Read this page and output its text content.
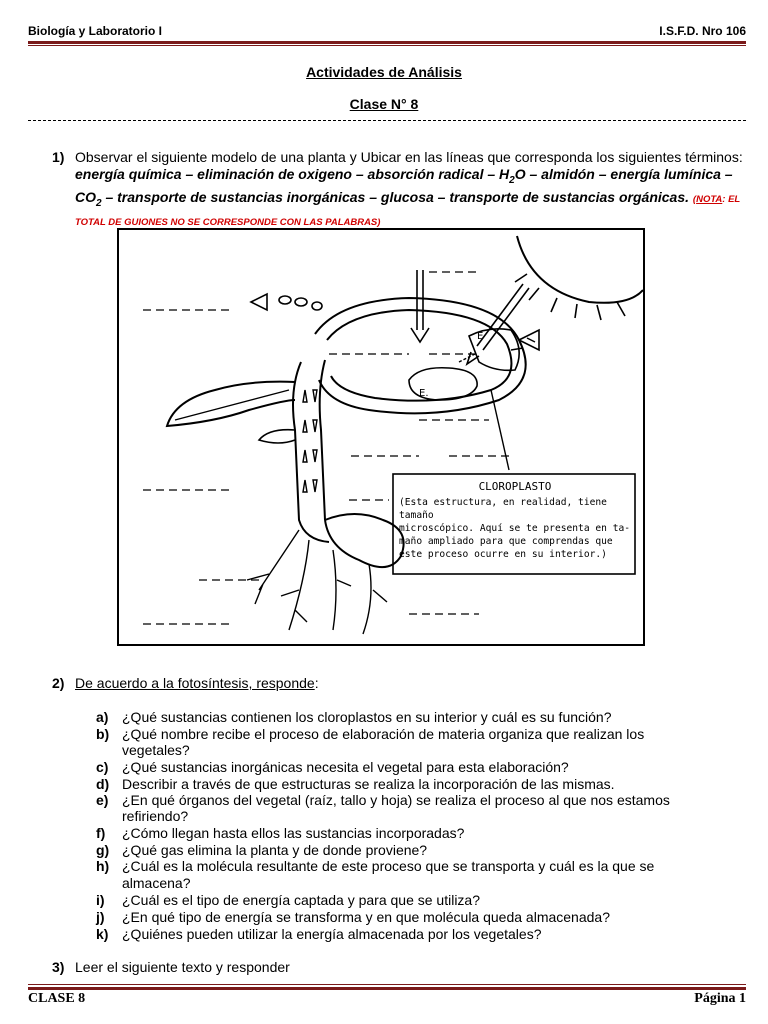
Biología y Laboratorio I	I.S.F.D. Nro 106
Actividades de Análisis
Clase N° 8
1) Observar el siguiente modelo de una planta y Ubicar en las líneas que corresponda los siguientes términos: energía química – eliminación de oxigeno – absorción radical – $H_2O$ – almidón – energía lumínica – $CO_2$ – transporte de sustancias inorgánicas – glucosa – transporte de sustancias orgánicas. (NOTA: EL TOTAL DE GUIONES NO SE CORRESPONDE CON LAS PALABRAS)
E
E.
CLOROPLASTO
(Esta estructura, en realidad, tiene tamaño
microscópico. Aquí se te presenta en ta-
maño ampliado para que comprendas que
este proceso ocurre en su interior.)
2) De acuerdo a la fotosíntesis, responde:
a) ¿Qué sustancias contienen los cloroplastos en su interior y cuál es su función?
b) ¿Qué nombre recibe el proceso de elaboración de materia organiza que realizan los
vegetales?
c) ¿Qué sustancias inorgánicas necesita el vegetal para esta elaboración?
d) Describir a través de que estructuras se realiza la incorporación de las mismas.
e) ¿En qué órganos del vegetal (raíz, tallo y hoja) se realiza el proceso al que nos estamos
refiriendo?
f) ¿Cómo llegan hasta ellos las sustancias incorporadas?
g) ¿Qué gas elimina la planta y de donde proviene?
h) ¿Cuál es la molécula resultante de este proceso que se transporta y cuál es la que se
almacena?
i) ¿Cuál es el tipo de energía captada y para que se utiliza?
j) ¿En qué tipo de energía se transforma y en que molécula queda almacenada?
k) ¿Quiénes pueden utilizar la energía almacenada por los vegetales?
3) Leer el siguiente texto y responder
CLASE 8	Página 1
